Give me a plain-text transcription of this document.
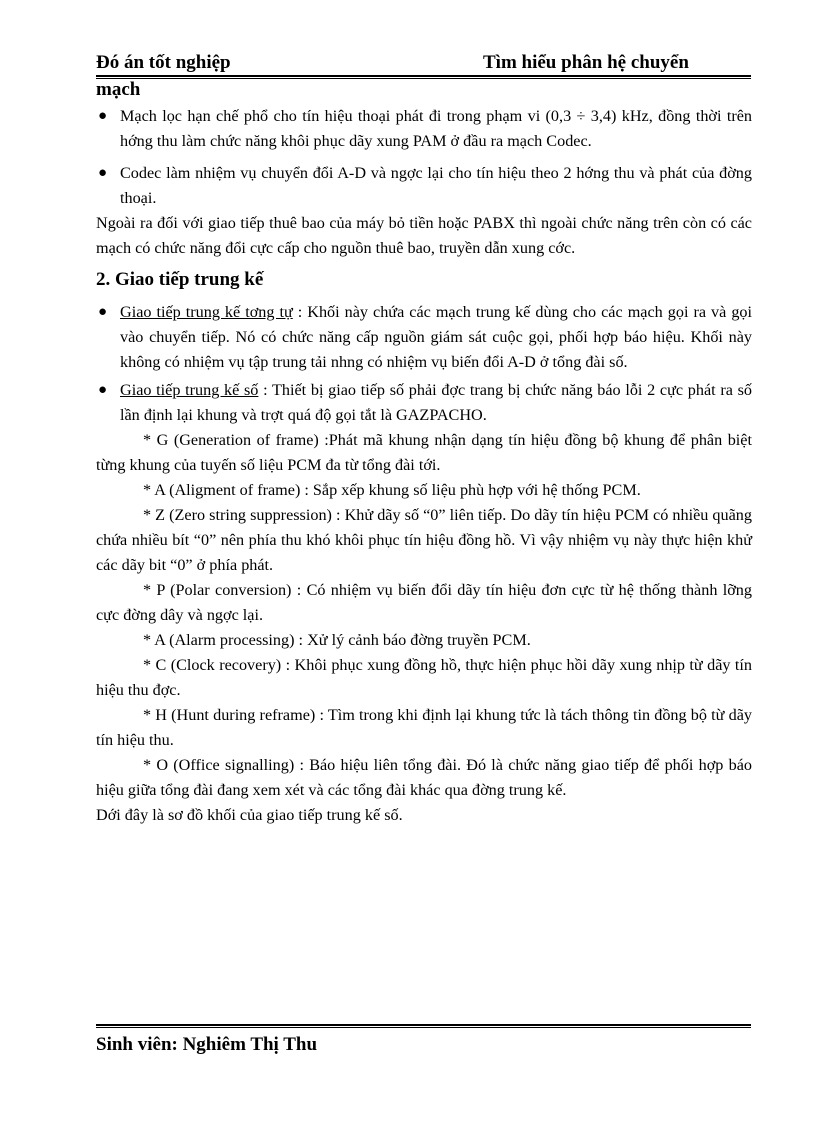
Đó án tốt nghiệp	Tìm hiểu phân hệ chuyển
mạch

● Mạch lọc hạn chế phổ cho tín hiệu thoại phát đi trong phạm vi (0,3 ÷ 3,4) kHz, đồng thời trên hớng thu làm chức năng khôi phục dãy xung PAM ở đầu ra mạch Codec.

● Codec làm nhiệm vụ chuyển đổi A-D và ngợc lại cho tín hiệu theo 2 hớng thu và phát của đờng thoại.

Ngoài ra đối với giao tiếp thuê bao của máy bỏ tiền hoặc PABX thì ngoài chức năng trên còn có các mạch có chức năng đổi cực cấp cho nguồn thuê bao, truyền dẫn xung cớc.

2. Giao tiếp trung kế

● Giao tiếp trung kế tơng tự : Khối này chứa các mạch trung kế dùng cho các mạch gọi ra và gọi vào chuyển tiếp. Nó có chức năng cấp nguồn giám sát cuộc gọi, phối hợp báo hiệu. Khối này không có nhiệm vụ tập trung tải nhng có nhiệm vụ biến đổi A-D ở tổng đài số.

● Giao tiếp trung kế số : Thiết bị giao tiếp số phải đợc trang bị chức năng báo lỗi 2 cực phát ra số lần định lại khung và trợt quá độ gọi tắt là GAZPACHO.

* G (Generation of frame) :Phát mã khung nhận dạng tín hiệu đồng bộ khung để phân biệt từng khung của tuyến số liệu PCM đa từ tổng đài tới.

* A (Aligment of frame) : Sắp xếp khung số liệu phù hợp với hệ thống PCM.

* Z (Zero string suppression) : Khử dãy số “0” liên tiếp. Do dãy tín hiệu PCM có nhiều quãng chứa nhiều bít “0” nên phía thu khó khôi phục tín hiệu đồng hồ. Vì vậy nhiệm vụ này thực hiện khử các dãy bit “0” ở phía phát.

* P (Polar conversion) : Có nhiệm vụ biến đổi dãy tín hiệu đơn cực từ hệ thống thành lỡng cực đờng dây và ngợc lại.

* A (Alarm processing) : Xử lý cảnh báo đờng truyền PCM.

* C (Clock recovery) : Khôi phục xung đồng hồ, thực hiện phục hồi dãy xung nhịp từ dãy tín hiệu thu đợc.

* H (Hunt during reframe) : Tìm trong khi định lại khung tức là tách thông tin đồng bộ từ dãy tín hiệu thu.

* O (Office signalling) : Báo hiệu liên tổng đài. Đó là chức năng giao tiếp để phối hợp báo hiệu giữa tổng đài đang xem xét và các tổng đài khác qua đờng trung kế.

Dới đây là sơ đồ khối của giao tiếp trung kế số.

Sinh viên: Nghiêm Thị Thu
